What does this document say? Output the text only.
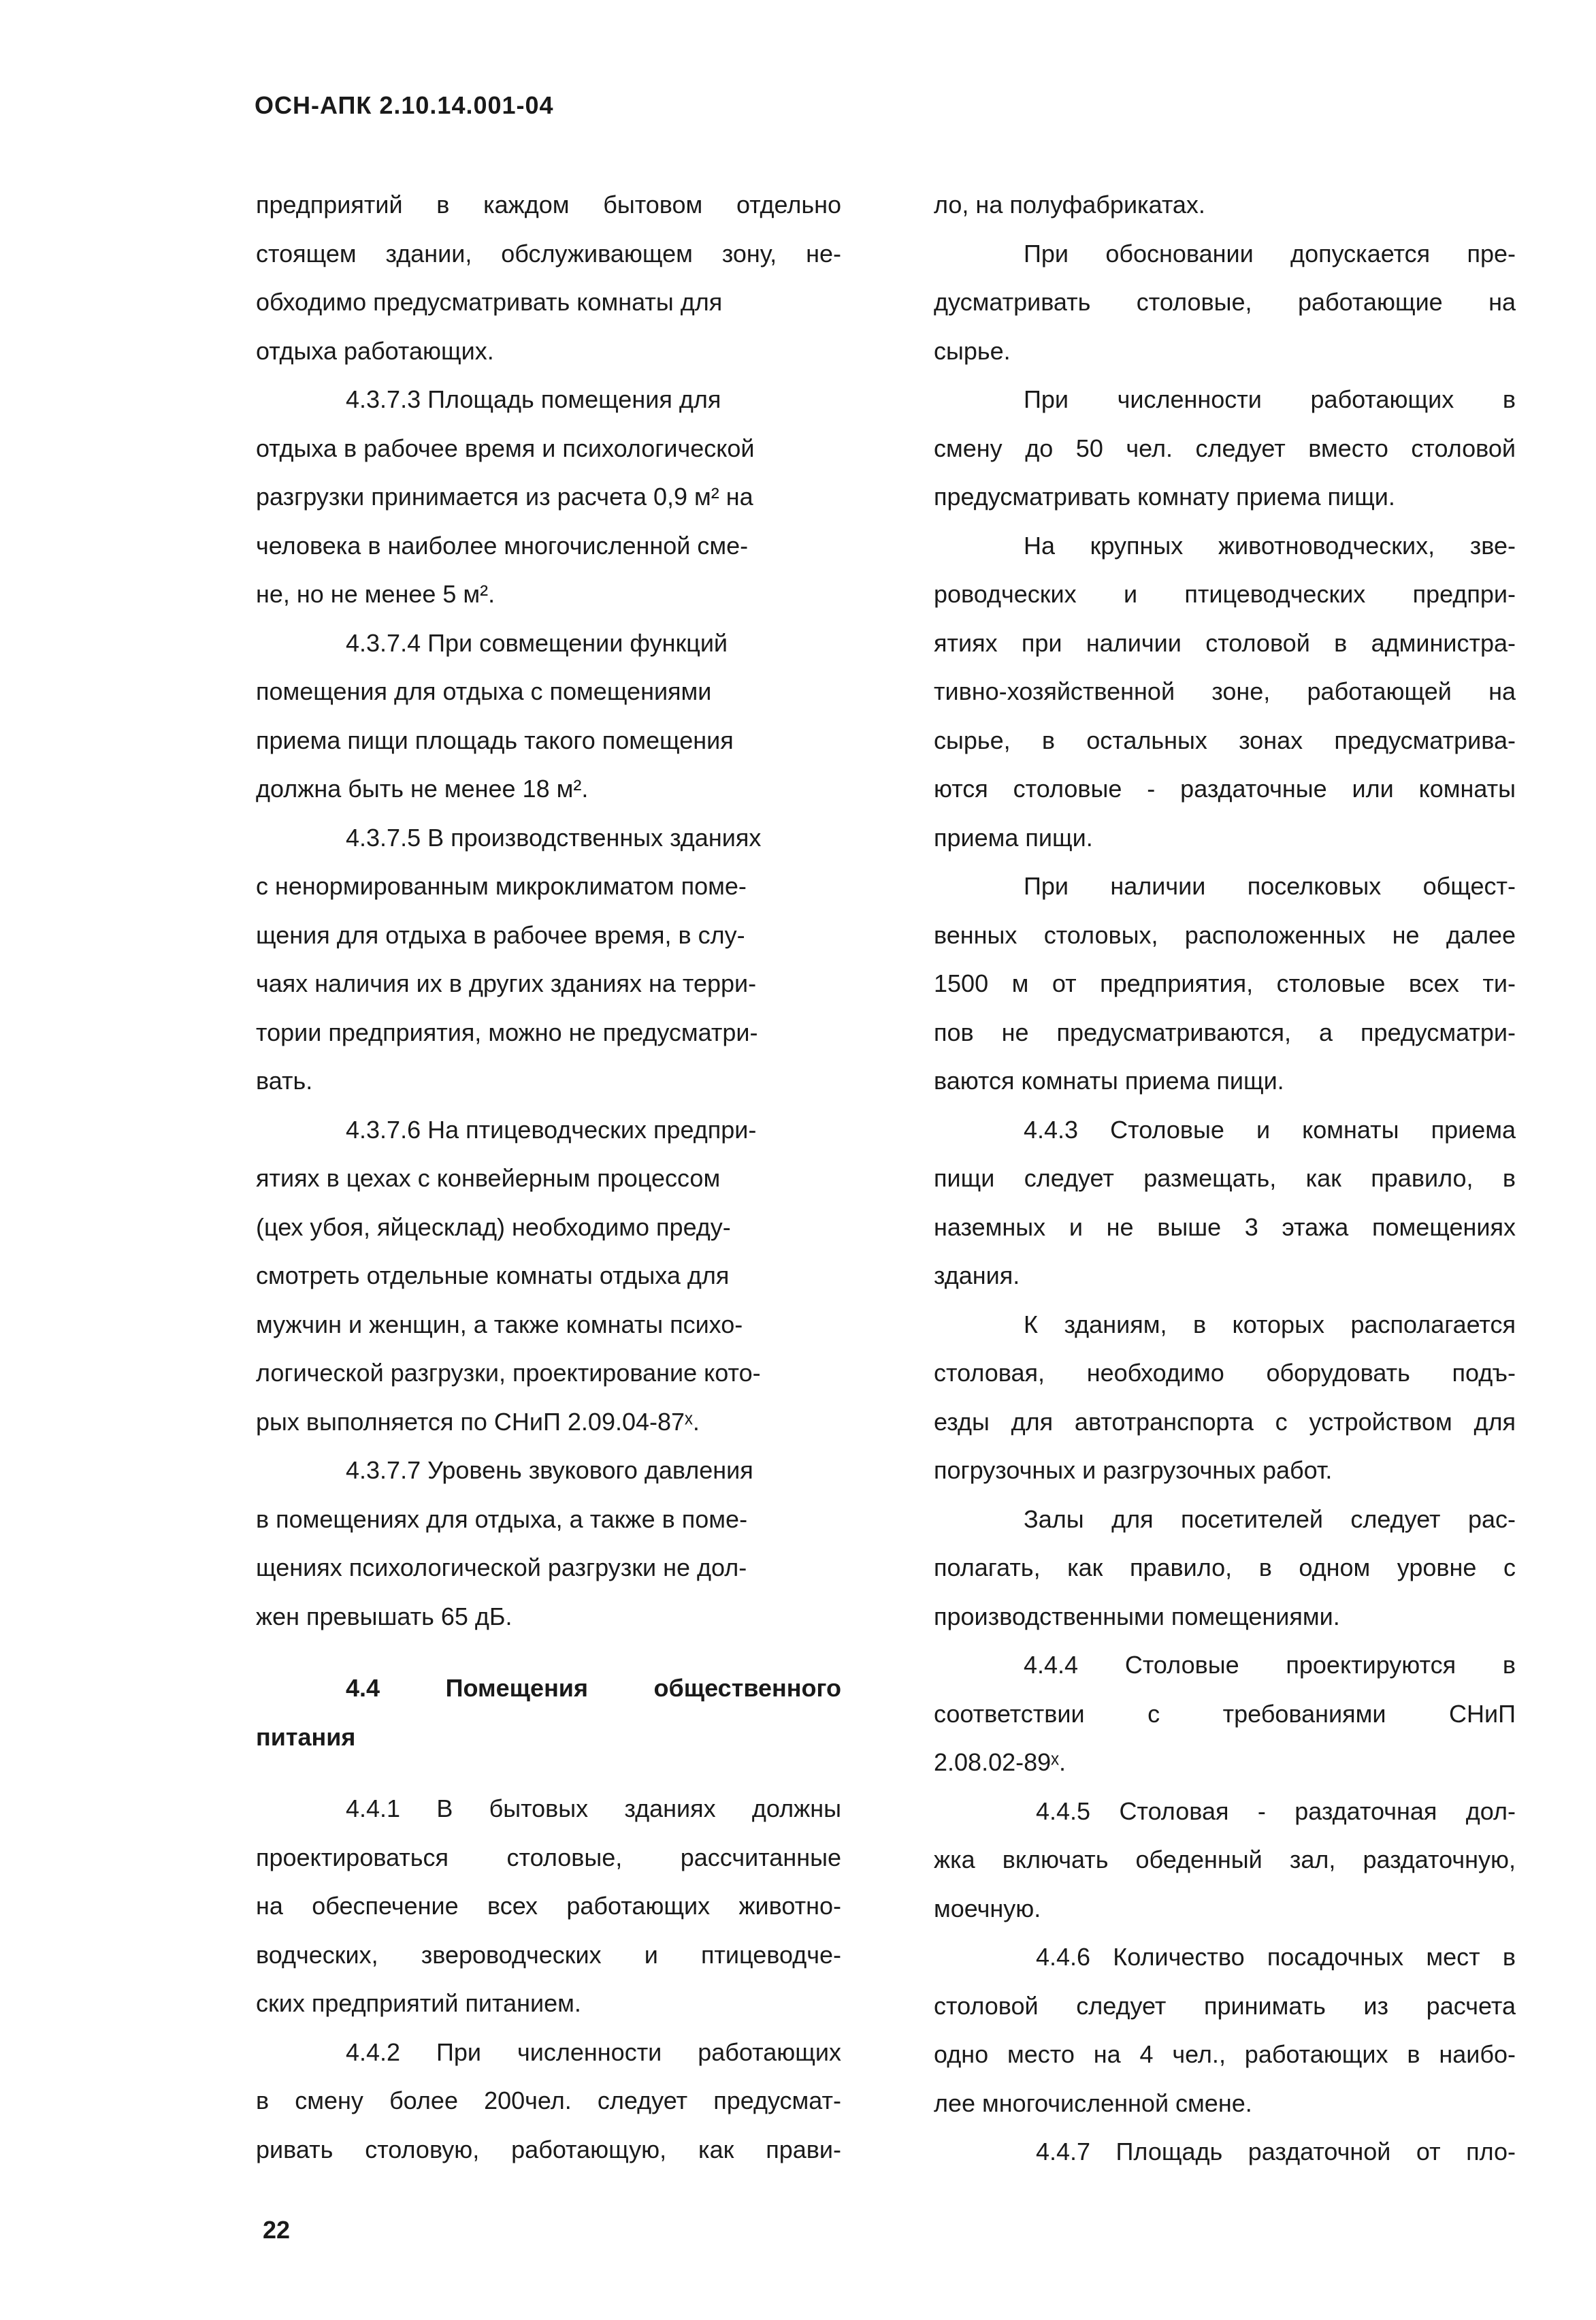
ОСН-АПК 2.10.14.001-04
предприятий в каждом бытовом отдельно
стоящем здании, обслуживающем зону, не-
обходимо предусматривать комнаты для
отдыха работающих.
4.3.7.3 Площадь помещения для
отдыха в рабочее время и психологической
разгрузки принимается из расчета 0,9 м² на
человека в наиболее многочисленной сме-
не, но не менее 5 м².
4.3.7.4 При совмещении функций
помещения для отдыха с помещениями
приема пищи площадь такого помещения
должна быть не менее 18 м².
4.3.7.5 В производственных зданиях
с ненормированным микроклиматом поме-
щения для отдыха в рабочее время, в слу-
чаях наличия их в других зданиях на терри-
тории предприятия, можно не предусматри-
вать.
4.3.7.6 На птицеводческих предпри-
ятиях в цехах с конвейерным процессом
(цех убоя, яйцесклад) необходимо преду-
смотреть отдельные комнаты отдыха для
мужчин и женщин, а также комнаты психо-
логической разгрузки, проектирование кото-
рых выполняется по СНиП 2.09.04-87ˣ.
4.3.7.7 Уровень звукового давления
в помещениях для отдыха, а также в поме-
щениях психологической разгрузки не дол-
жен превышать 65 дБ.
4.4 Помещения общественного
питания
4.4.1 В бытовых зданиях должны
проектироваться столовые, рассчитанные
на обеспечение всех работающих животно-
водческих, звероводческих и птицеводче-
ских предприятий питанием.
4.4.2 При численности работающих
в смену более 200чел. следует предусмат-
ривать столовую, работающую, как прави-
ло, на полуфабрикатах.
При обосновании допускается пре-
дусматривать столовые, работающие на
сырье.
При численности работающих в
смену до 50 чел. следует вместо столовой
предусматривать комнату приема пищи.
На крупных животноводческих, зве-
роводческих и птицеводческих предпри-
ятиях при наличии столовой в администра-
тивно-хозяйственной зоне, работающей на
сырье, в остальных зонах предусматрива-
ются столовые - раздаточные или комнаты
приема пищи.
При наличии поселковых общест-
венных столовых, расположенных не далее
1500 м от предприятия, столовые всех ти-
пов не предусматриваются, а предусматри-
ваются комнаты приема пищи.
4.4.3 Столовые и комнаты приема
пищи следует размещать, как правило, в
наземных и не выше 3 этажа помещениях
здания.
К зданиям, в которых располагается
столовая, необходимо оборудовать подъ-
езды для автотранспорта с устройством для
погрузочных и разгрузочных работ.
Залы для посетителей следует рас-
полагать, как правило, в одном уровне с
производственными помещениями.
4.4.4 Столовые проектируются в
соответствии с требованиями СНиП
2.08.02-89ˣ.
4.4.5 Столовая - раздаточная дол-
жка включать обеденный зал, раздаточную,
моечную.
4.4.6 Количество посадочных мест в
столовой следует принимать из расчета
одно место на 4 чел., работающих в наибо-
лее многочисленной смене.
4.4.7 Площадь раздаточной от пло-
22
